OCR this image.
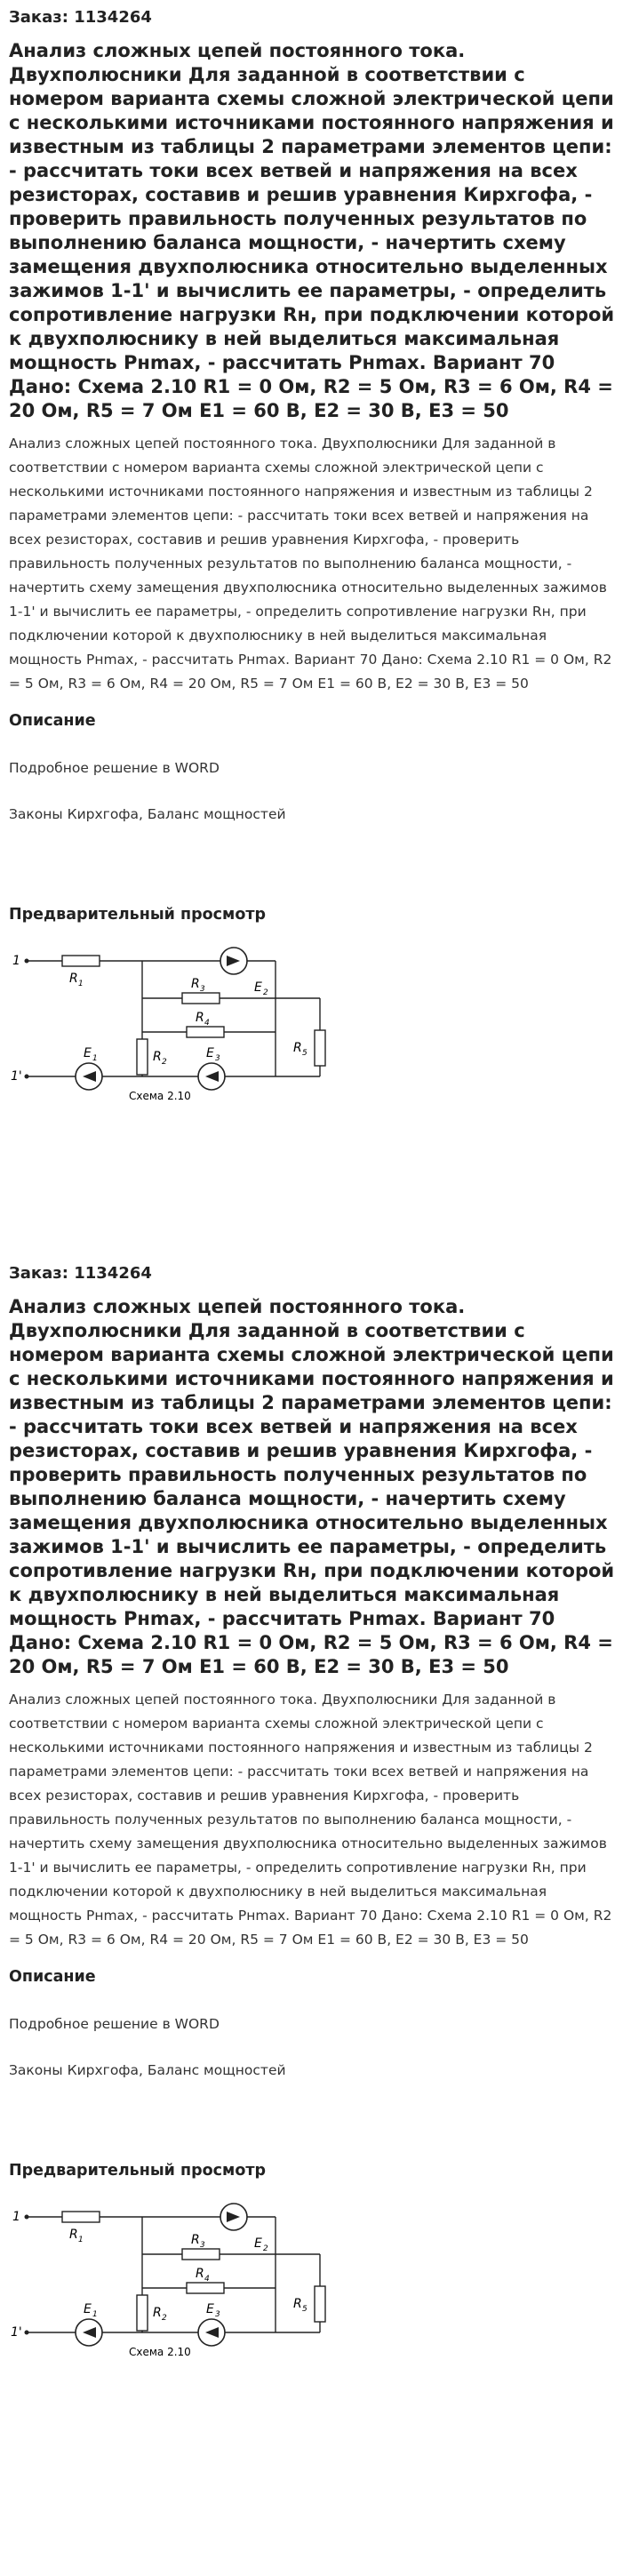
Заказ: 1134264
Анализ сложных цепей постоянного тока. Двухполюсники Для заданной в соответствии с номером варианта схемы сложной электрической цепи с несколькими источниками постоянного напряжения и известным из таблицы 2 параметрами элементов цепи: - рассчитать токи всех ветвей и напряжения на всех резисторах, составив и решив уравнения Кирхгофа, - проверить правильность полученных результатов по выполнению баланса мощности, - начертить схему замещения двухполюсника относительно выделенных зажимов 1-1' и вычислить ее параметры, - определить сопротивление нагрузки Rн, при подключении которой к двухполюснику в ней выделиться максимальная мощность Pнmax, - рассчитать Pнmax. Вариант 70 Дано: Схема 2.10 R1 = 0 Ом, R2 = 5 Ом, R3 = 6 Ом, R4 = 20 Ом, R5 = 7 Ом E1 = 60 В, E2 = 30 В, E3 = 50
Анализ сложных цепей постоянного тока. Двухполюсники Для заданной в соответствии с номером варианта схемы сложной электрической цепи с несколькими источниками постоянного напряжения и известным из таблицы 2 параметрами элементов цепи: - рассчитать токи всех ветвей и напряжения на всех резисторах, составив и решив уравнения Кирхгофа, - проверить правильность полученных результатов по выполнению баланса мощности, - начертить схему замещения двухполюсника относительно выделенных зажимов 1-1' и вычислить ее параметры, - определить сопротивление нагрузки Rн, при подключении которой к двухполюснику в ней выделиться максимальная мощность Pнmax, - рассчитать Pнmax. Вариант 70 Дано: Схема 2.10 R1 = 0 Ом, R2 = 5 Ом, R3 = 6 Ом, R4 = 20 Ом, R5 = 7 Ом E1 = 60 В, E2 = 30 В, E3 = 50
Описание
Подробное решение в WORD
Законы Кирхгофа, Баланс мощностей
Предварительный просмотр
1
1'
R 1	R 3
R 4
R 2
R 5
E 2
E 1	E 3
Схема 2.10
Заказ: 1134264
Анализ сложных цепей постоянного тока. Двухполюсники Для заданной в соответствии с номером варианта схемы сложной электрической цепи с несколькими источниками постоянного напряжения и известным из таблицы 2 параметрами элементов цепи: - рассчитать токи всех ветвей и напряжения на всех резисторах, составив и решив уравнения Кирхгофа, - проверить правильность полученных результатов по выполнению баланса мощности, - начертить схему замещения двухполюсника относительно выделенных зажимов 1-1' и вычислить ее параметры, - определить сопротивление нагрузки Rн, при подключении которой к двухполюснику в ней выделиться максимальная мощность Pнmax, - рассчитать Pнmax. Вариант 70 Дано: Схема 2.10 R1 = 0 Ом, R2 = 5 Ом, R3 = 6 Ом, R4 = 20 Ом, R5 = 7 Ом E1 = 60 В, E2 = 30 В, E3 = 50
Анализ сложных цепей постоянного тока. Двухполюсники Для заданной в соответствии с номером варианта схемы сложной электрической цепи с несколькими источниками постоянного напряжения и известным из таблицы 2 параметрами элементов цепи: - рассчитать токи всех ветвей и напряжения на всех резисторах, составив и решив уравнения Кирхгофа, - проверить правильность полученных результатов по выполнению баланса мощности, - начертить схему замещения двухполюсника относительно выделенных зажимов 1-1' и вычислить ее параметры, - определить сопротивление нагрузки Rн, при подключении которой к двухполюснику в ней выделиться максимальная мощность Pнmax, - рассчитать Pнmax. Вариант 70 Дано: Схема 2.10 R1 = 0 Ом, R2 = 5 Ом, R3 = 6 Ом, R4 = 20 Ом, R5 = 7 Ом E1 = 60 В, E2 = 30 В, E3 = 50
Описание
Подробное решение в WORD
Законы Кирхгофа, Баланс мощностей
Предварительный просмотр
1
1'
R 1	R 3
R 4
R 2
R 5
E 2
E 1	E 3
Схема 2.10
